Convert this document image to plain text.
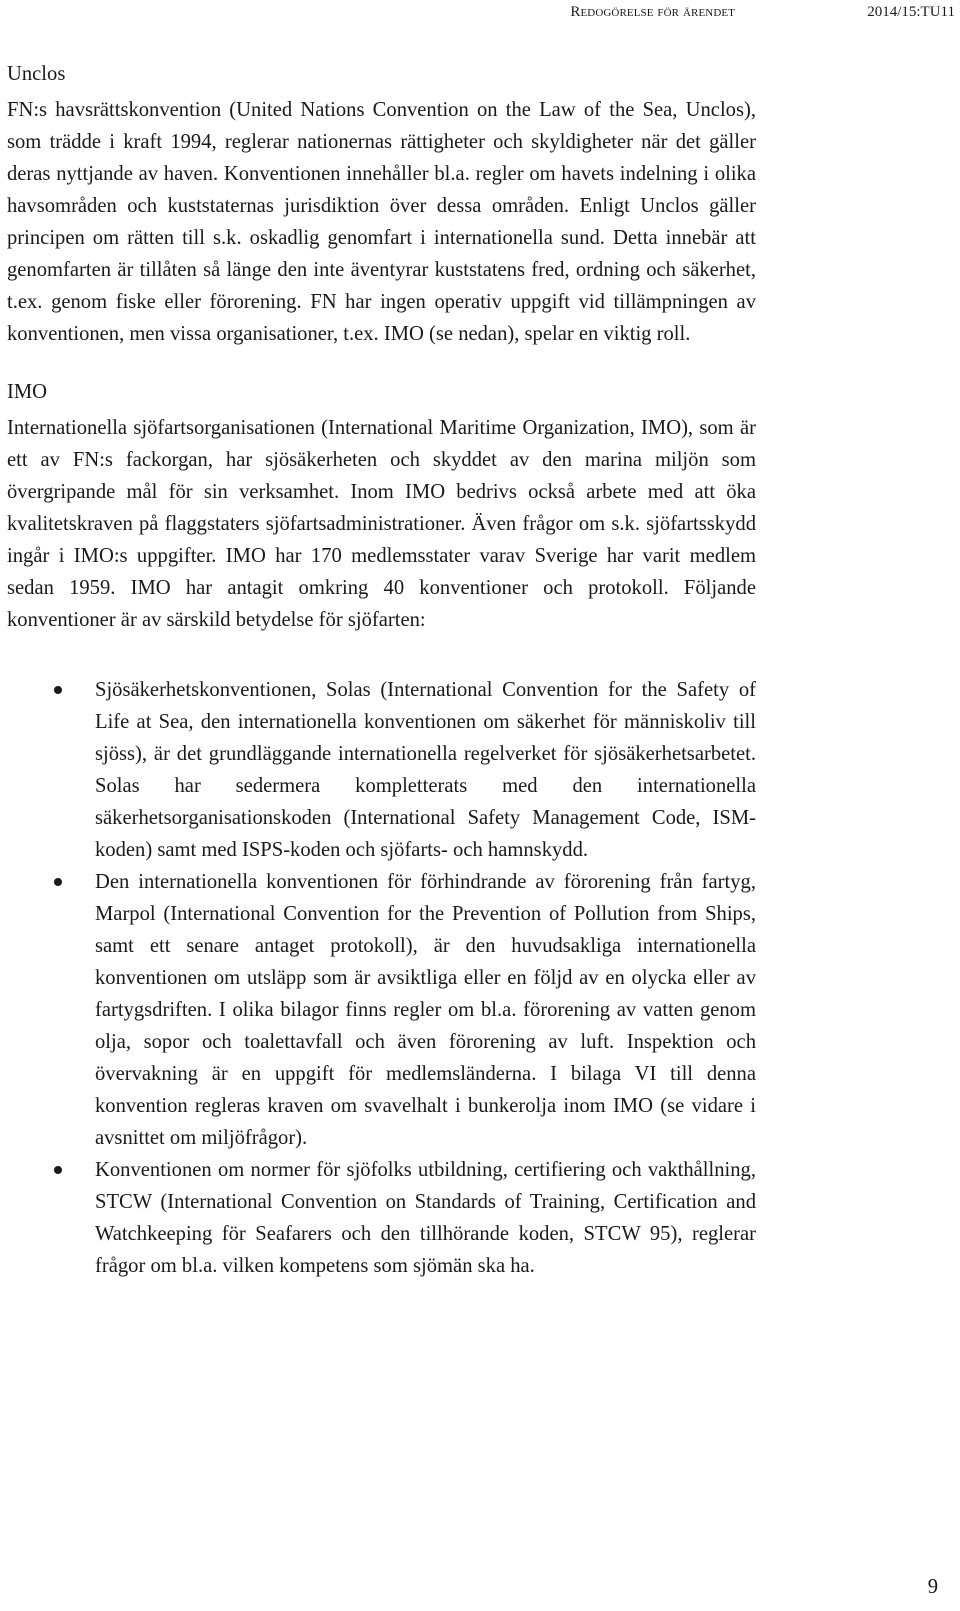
Redogörelse för ärendet	2014/15:TU11
Unclos

FN:s havsrättskonvention (United Nations Convention on the Law of the Sea, Unclos), som trädde i kraft 1994, reglerar nationernas rättigheter och skyldigheter när det gäller deras nyttjande av haven. Konventionen innehåller bl.a. regler om havets indelning i olika havsområden och kuststaternas jurisdiktion över dessa områden. Enligt Unclos gäller principen om rätten till s.k. oskadlig genomfart i internationella sund. Detta innebär att genomfarten är tillåten så länge den inte äventyrar kuststatens fred, ordning och säkerhet, t.ex. genom fiske eller förorening. FN har ingen operativ uppgift vid tillämpningen av konventionen, men vissa organisationer, t.ex. IMO (se nedan), spelar en viktig roll.

IMO

Internationella sjöfartsorganisationen (International Maritime Organization, IMO), som är ett av FN:s fackorgan, har sjösäkerheten och skyddet av den marina miljön som övergripande mål för sin verksamhet. Inom IMO bedrivs också arbete med att öka kvalitetskraven på flaggstaters sjöfartsadministrationer. Även frågor om s.k. sjöfartsskydd ingår i IMO:s uppgifter. IMO har 170 medlemsstater varav Sverige har varit medlem sedan 1959. IMO har antagit omkring 40 konventioner och protokoll. Följande konventioner är av särskild betydelse för sjöfarten:

Sjösäkerhetskonventionen, Solas (International Convention for the Safety of Life at Sea, den internationella konventionen om säkerhet för människoliv till sjöss), är det grundläggande internationella regelverket för sjösäkerhetsarbetet. Solas har sedermera kompletterats med den internationella säkerhetsorganisationskoden (International Safety Management Code, ISM-koden) samt med ISPS-koden och sjöfarts- och hamnskydd.
Den internationella konventionen för förhindrande av förorening från fartyg, Marpol (International Convention for the Prevention of Pollution from Ships, samt ett senare antaget protokoll), är den huvudsakliga internationella konventionen om utsläpp som är avsiktliga eller en följd av en olycka eller av fartygsdriften. I olika bilagor finns regler om bl.a. förorening av vatten genom olja, sopor och toalettavfall och även förorening av luft. Inspektion och övervakning är en uppgift för medlemsländerna. I bilaga VI till denna konvention regleras kraven om svavelhalt i bunkerolja inom IMO (se vidare i avsnittet om miljöfrågor).
Konventionen om normer för sjöfolks utbildning, certifiering och vakthållning, STCW (International Convention on Standards of Training, Certification and Watchkeeping för Seafarers och den tillhörande koden, STCW 95), reglerar frågor om bl.a. vilken kompetens som sjömän ska ha.
9
